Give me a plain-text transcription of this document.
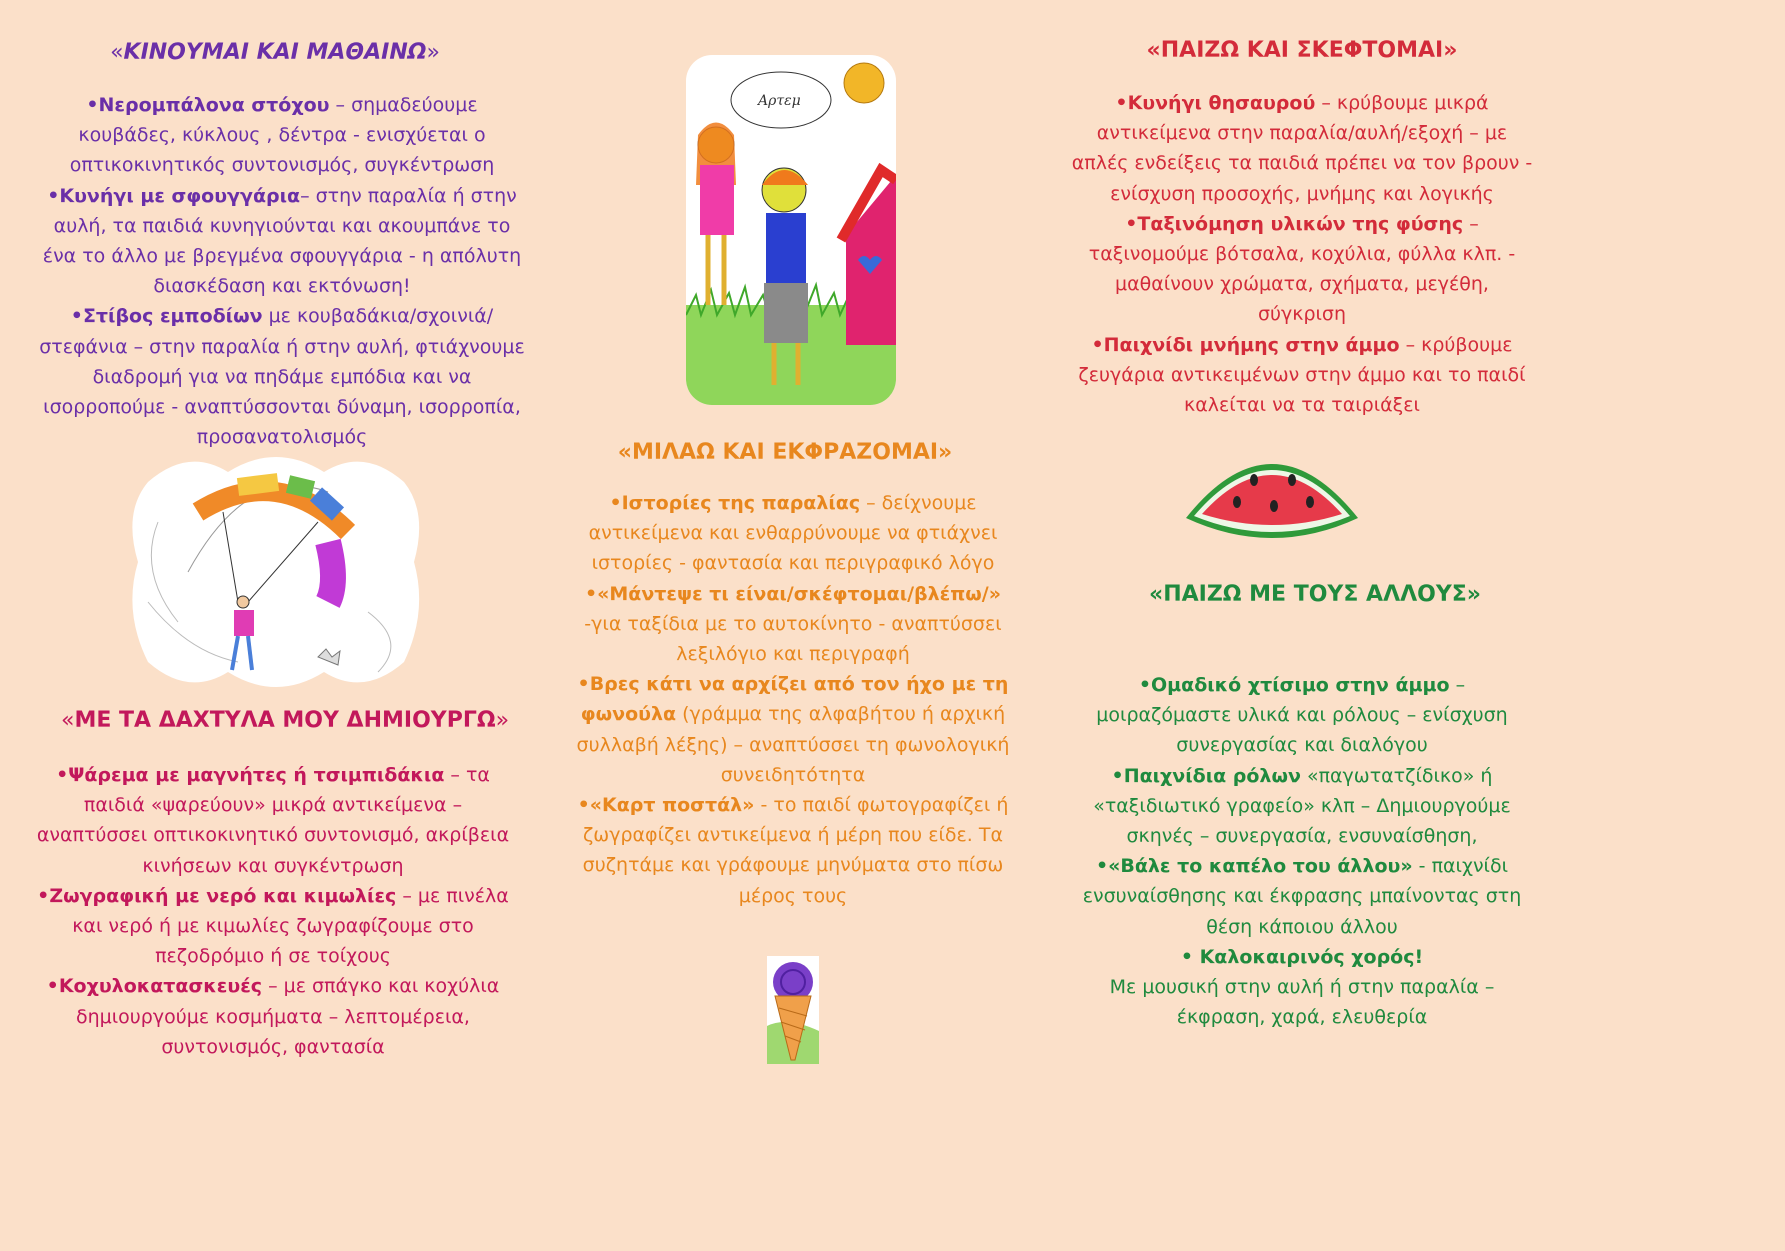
«ΚΙΝΟΥΜΑΙ ΚΑΙ ΜΑΘΑΙΝΩ»

•Νερομπάλονα στόχου – σημαδεύουμε κουβάδες, κύκλους , δέντρα - ενισχύεται ο οπτικοκινητικός συντονισμός, συγκέντρωση

•Κυνήγι με σφουγγάρια– στην παραλία ή στην αυλή, τα παιδιά κυνηγιούνται και ακουμπάνε το ένα το άλλο με βρεγμένα σφουγγάρια - η απόλυτη διασκέδαση και εκτόνωση!

•Στίβος εμποδίων με κουβαδάκια/σχοινιά/ στεφάνια – στην παραλία ή στην αυλή, φτιάχνουμε διαδρομή για να πηδάμε εμπόδια και να ισορροπούμε - αναπτύσσονται δύναμη, ισορροπία, προσανατολισμός

«ΜΕ ΤΑ ΔΑΧΤΥΛΑ ΜΟΥ ΔΗΜΙΟΥΡΓΩ»

•Ψάρεμα με μαγνήτες ή τσιμπιδάκια – τα παιδιά «ψαρεύουν» μικρά αντικείμενα – αναπτύσσει οπτικοκινητικό συντονισμό, ακρίβεια κινήσεων και συγκέντρωση

•Ζωγραφική με νερό και κιμωλίες – με πινέλα και νερό ή με κιμωλίες ζωγραφίζουμε στο πεζοδρόμιο ή σε τοίχους

•Κοχυλοκατασκευές – με σπάγκο και κοχύλια δημιουργούμε κοσμήματα – λεπτομέρεια, συντονισμός, φαντασία

Αρτεμ
«ΜΙΛΑΩ ΚΑΙ ΕΚΦΡΑΖΟΜΑΙ»

•Ιστορίες της παραλίας – δείχνουμε αντικείμενα και ενθαρρύνουμε να φτιάχνει ιστορίες - φαντασία και περιγραφικό λόγο

•«Μάντεψε τι είναι/σκέφτομαι/βλέπω/» -για ταξίδια με το αυτοκίνητο - αναπτύσσει λεξιλόγιο και περιγραφή

•Βρες κάτι να αρχίζει από τον ήχο με τη φωνούλα (γράμμα της αλφαβήτου ή αρχική συλλαβή λέξης) – αναπτύσσει τη φωνολογική συνειδητότητα

•«Καρτ ποστάλ» - το παιδί φωτογραφίζει ή ζωγραφίζει αντικείμενα ή μέρη που είδε. Τα συζητάμε και γράφουμε μηνύματα στο πίσω μέρος τους

«ΠΑΙΖΩ ΚΑΙ ΣΚΕΦΤΟΜΑΙ»

•Κυνήγι θησαυρού – κρύβουμε μικρά αντικείμενα στην παραλία/αυλή/εξοχή – με απλές ενδείξεις τα παιδιά πρέπει να τον βρουν - ενίσχυση προσοχής, μνήμης και λογικής

•Ταξινόμηση υλικών της φύσης – ταξινομούμε βότσαλα, κοχύλια, φύλλα κλπ. - μαθαίνουν χρώματα, σχήματα, μεγέθη, σύγκριση

•Παιχνίδι μνήμης στην άμμο – κρύβουμε ζευγάρια αντικειμένων στην άμμο και το παιδί καλείται να τα ταιριάξει

«ΠΑΙΖΩ ΜΕ ΤΟΥΣ ΑΛΛΟΥΣ»

•Ομαδικό χτίσιμο στην άμμο – μοιραζόμαστε υλικά και ρόλους – ενίσχυση συνεργασίας και διαλόγου

•Παιχνίδια ρόλων «παγωτατζίδικο» ή «ταξιδιωτικό γραφείο» κλπ – Δημιουργούμε σκηνές – συνεργασία, ενσυναίσθηση,

•«Βάλε το καπέλο του άλλου» - παιχνίδι ενσυναίσθησης και έκφρασης μπαίνοντας στη θέση κάποιου άλλου

• Καλοκαιρινός χορός!
Με μουσική στην αυλή ή στην παραλία – έκφραση, χαρά, ελευθερία
